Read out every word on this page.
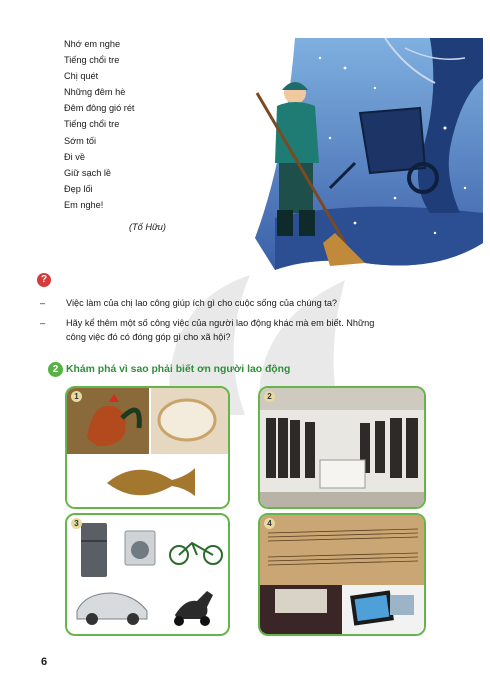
Nhớ em nghe
Tiếng chổi tre
Chị quét
Những đêm hè
Đêm đông gió rét
Tiếng chổi tre
Sớm tối
Đi về
Giữ sạch lề
Đẹp lối
Em nghe!
(Tố Hữu)
?
– Việc làm của chị lao công giúp ích gì cho cuộc sống của chúng ta?
– Hãy kể thêm một số công việc của người lao động khác mà em biết. Những
công việc đó có đóng góp gì cho xã hội?
2 Khám phá vì sao phải biết ơn người lao động
1	2
3	4
6
